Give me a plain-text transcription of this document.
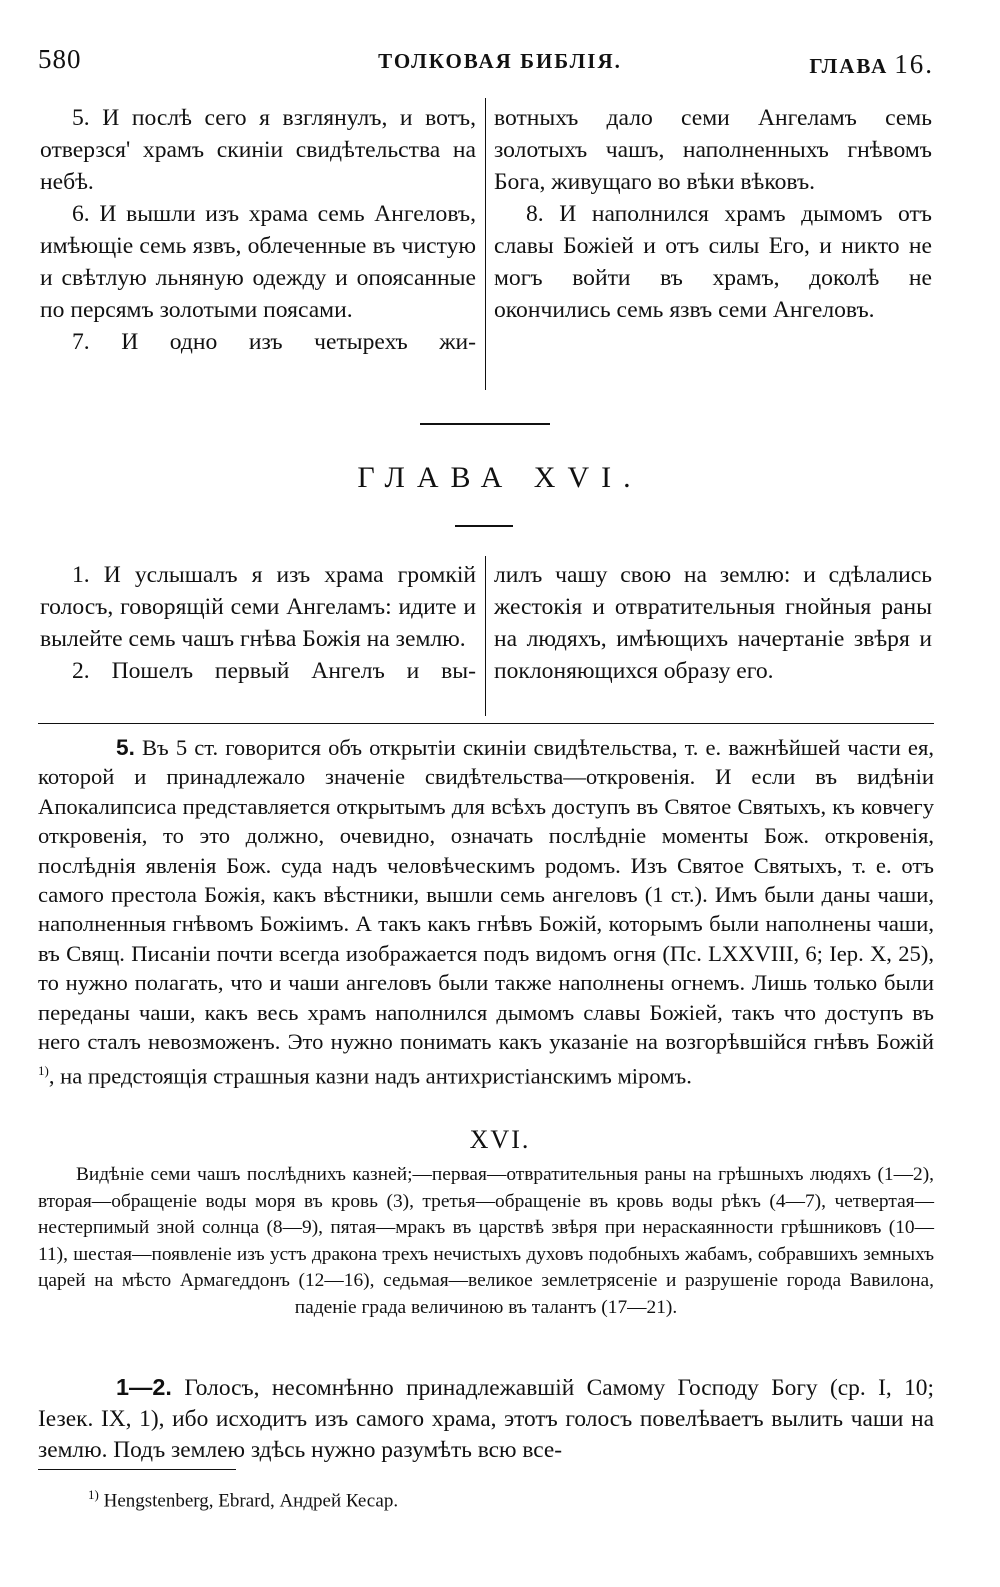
580	ТОЛКОВАЯ БИБЛІЯ.	ГЛАВА 16.

5. И послѣ сего я взглянулъ, и вотъ, отверзся' храмъ скиніи свидѣтельства на небѣ.

6. И вышли изъ храма семь Ангеловъ, имѣющіе семь язвъ, облеченные въ чистую и свѣтлую льняную одежду и опоясанные по персямъ золотыми поясами.

7. И одно изъ четырехъ жи-

вотныхъ дало семи Ангеламъ семь золотыхъ чашъ, наполненныхъ гнѣвомъ Бога, живущаго во вѣки вѣковъ.

8. И наполнился храмъ дымомъ отъ славы Божіей и отъ силы Его, и никто не могъ войти въ храмъ, доколѣ не окончились семь язвъ семи Ангеловъ.

ГЛАВА XVI.

1. И услышалъ я изъ храма громкій голосъ, говорящій семи Ангеламъ: идите и вылейте семь чашъ гнѣва Божія на землю.

2. Пошелъ первый Ангелъ и вы-

лилъ чашу свою на землю: и сдѣлались жестокія и отвратительныя гнойныя раны на людяхъ, имѣющихъ начертаніе звѣря и поклоняющихся образу его.

5. Въ 5 ст. говорится объ открытіи скиніи свидѣтельства, т. е. важнѣйшей части ея, которой и принадлежало значеніе свидѣтельства—откровенія. И если въ видѣніи Апокалипсиса представляется открытымъ для всѣхъ доступъ въ Святое Святыхъ, къ ковчегу откровенія, то это должно, очевидно, означать послѣдніе моменты Бож. откровенія, послѣднія явленія Бож. суда надъ человѣческимъ родомъ. Изъ Святое Святыхъ, т. е. отъ самого престола Божія, какъ вѣстники, вышли семь ангеловъ (1 ст.). Имъ были даны чаши, наполненныя гнѣвомъ Божіимъ. А такъ какъ гнѣвъ Божій, которымъ были наполнены чаши, въ Свящ. Писаніи почти всегда изображается подъ видомъ огня (Пс. LXXVIII, 6; Іер. X, 25), то нужно полагать, что и чаши ангеловъ были также наполнены огнемъ. Лишь только были переданы чаши, какъ весь храмъ наполнился дымомъ славы Божіей, такъ что доступъ въ него сталъ невозможенъ. Это нужно понимать какъ указаніе на возгорѣвшійся гнѣвъ Божій $^{1)}$, на предстоящія страшныя казни надъ антихристіанскимъ міромъ.

XVI.

Видѣніе семи чашъ послѣднихъ казней;—первая—отвратительныя раны на грѣшныхъ людяхъ (1—2), вторая—обращеніе воды моря въ кровь (3), третья—обращеніе въ кровь воды рѣкъ (4—7), четвертая—нестерпимый зной солнца (8—9), пятая—мракъ въ царствѣ звѣря при нераскаянности грѣшниковъ (10—11), шестая—появленіе изъ устъ дракона трехъ нечистыхъ духовъ подобныхъ жабамъ, собравшихъ земныхъ царей на мѣсто Армагеддонъ (12—16), седьмая—великое землетрясеніе и разрушеніе города Вавилона, паденіе града величиною въ талантъ (17—21).

1—2. Голосъ, несомнѣнно принадлежавшій Самому Господу Богу (ср. I, 10; Іезек. IX, 1), ибо исходитъ изъ самого храма, этотъ голосъ повелѣваетъ вылить чаши на землю. Подъ землею здѣсь нужно разумѣть всю все-

$^{1)}$ Hengstenberg, Ebrard, Андрей Кесар.
